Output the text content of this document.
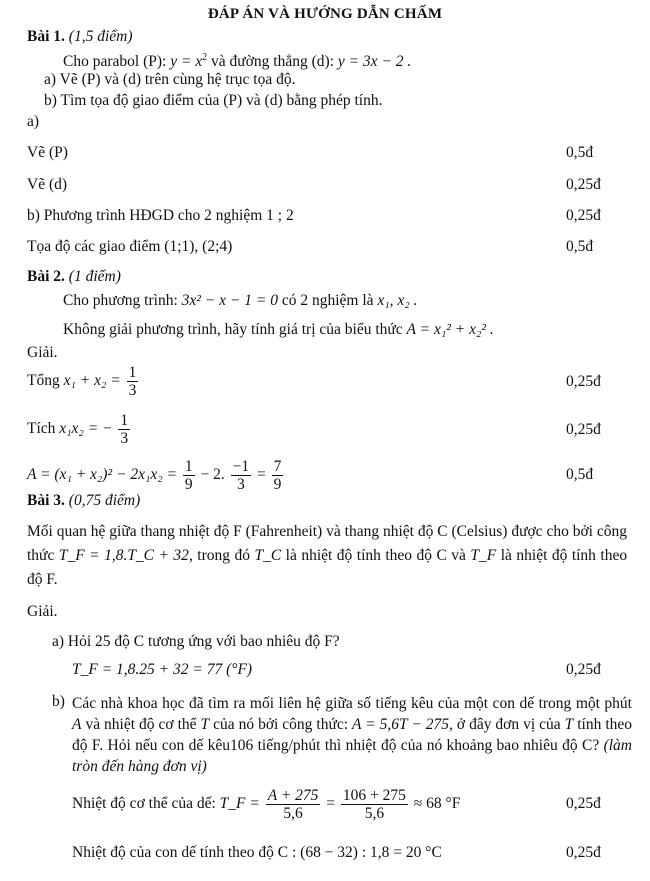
ĐÁP ÁN VÀ HƯỚNG DẪN CHẤM
Bài 1. (1,5 điểm)
Cho parabol (P): $y = x^2$ và đường thẳng (d): y = 3x − 2 .
a) Vẽ (P) và (d) trên cùng hệ trục tọa độ.
b) Tìm tọa độ giao điểm của (P) và (d) bằng phép tính.
a)
Vẽ (P)	0,5đ
Vẽ (d)	0,25đ
b) Phương trình HĐGD cho 2 nghiệm 1 ; 2	0,25đ
Tọa độ các giao điểm (1;1), (2;4)	0,5đ
Bài 2. (1 điểm)
Cho phương trình: 3x² − x − 1 = 0 có 2 nghiệm là x₁, x₂ .
Không giải phương trình, hãy tính giá trị của biểu thức A = x₁² + x₂² .
Giải.
Tổng $x_1 + x_2 = \frac{1}{3}$	0,25đ
Tích x₁x₂ = − $\frac{1}{3}$	0,25đ
$A = (x_1 + x_2)^2 - 2x_1x_2 = \frac{1}{9} - 2$. $\frac{-1}{3} = \frac{7}{9}$	0,5đ
Bài 3. (0,75 điểm)
Mối quan hệ giữa thang nhiệt độ F (Fahrenheit) và thang nhiệt độ C (Celsius) được cho bởi công thức T_F = 1,8.T_C + 32, trong đó T_C là nhiệt độ tính theo độ C và T_F là nhiệt độ tính theo độ F.
Giải.
a) Hỏi 25 độ C tương ứng với bao nhiêu độ F?
T_F = 1,8.25 + 32 = 77 (°F)	0,25đ
b) Các nhà khoa học đã tìm ra mối liên hệ giữa số tiếng kêu của một con dế trong một phút A và nhiệt độ cơ thể T của nó bởi công thức: A = 5,6T − 275, ở đây đơn vị của T tính theo độ F. Hỏi nếu con dế kêu106 tiếng/phút thì nhiệt độ của nó khoảng bao nhiêu độ C? (làm tròn đến hàng đơn vị)
Nhiệt độ cơ thể của dế: T_F = $\frac{A + 275}{5,6} = \frac{106 + 275}{5,6} \approx 68$ °F	0,25đ
Nhiệt độ của con dế tính theo độ C : (68 − 32) : 1,8 = 20 °C	0,25đ
